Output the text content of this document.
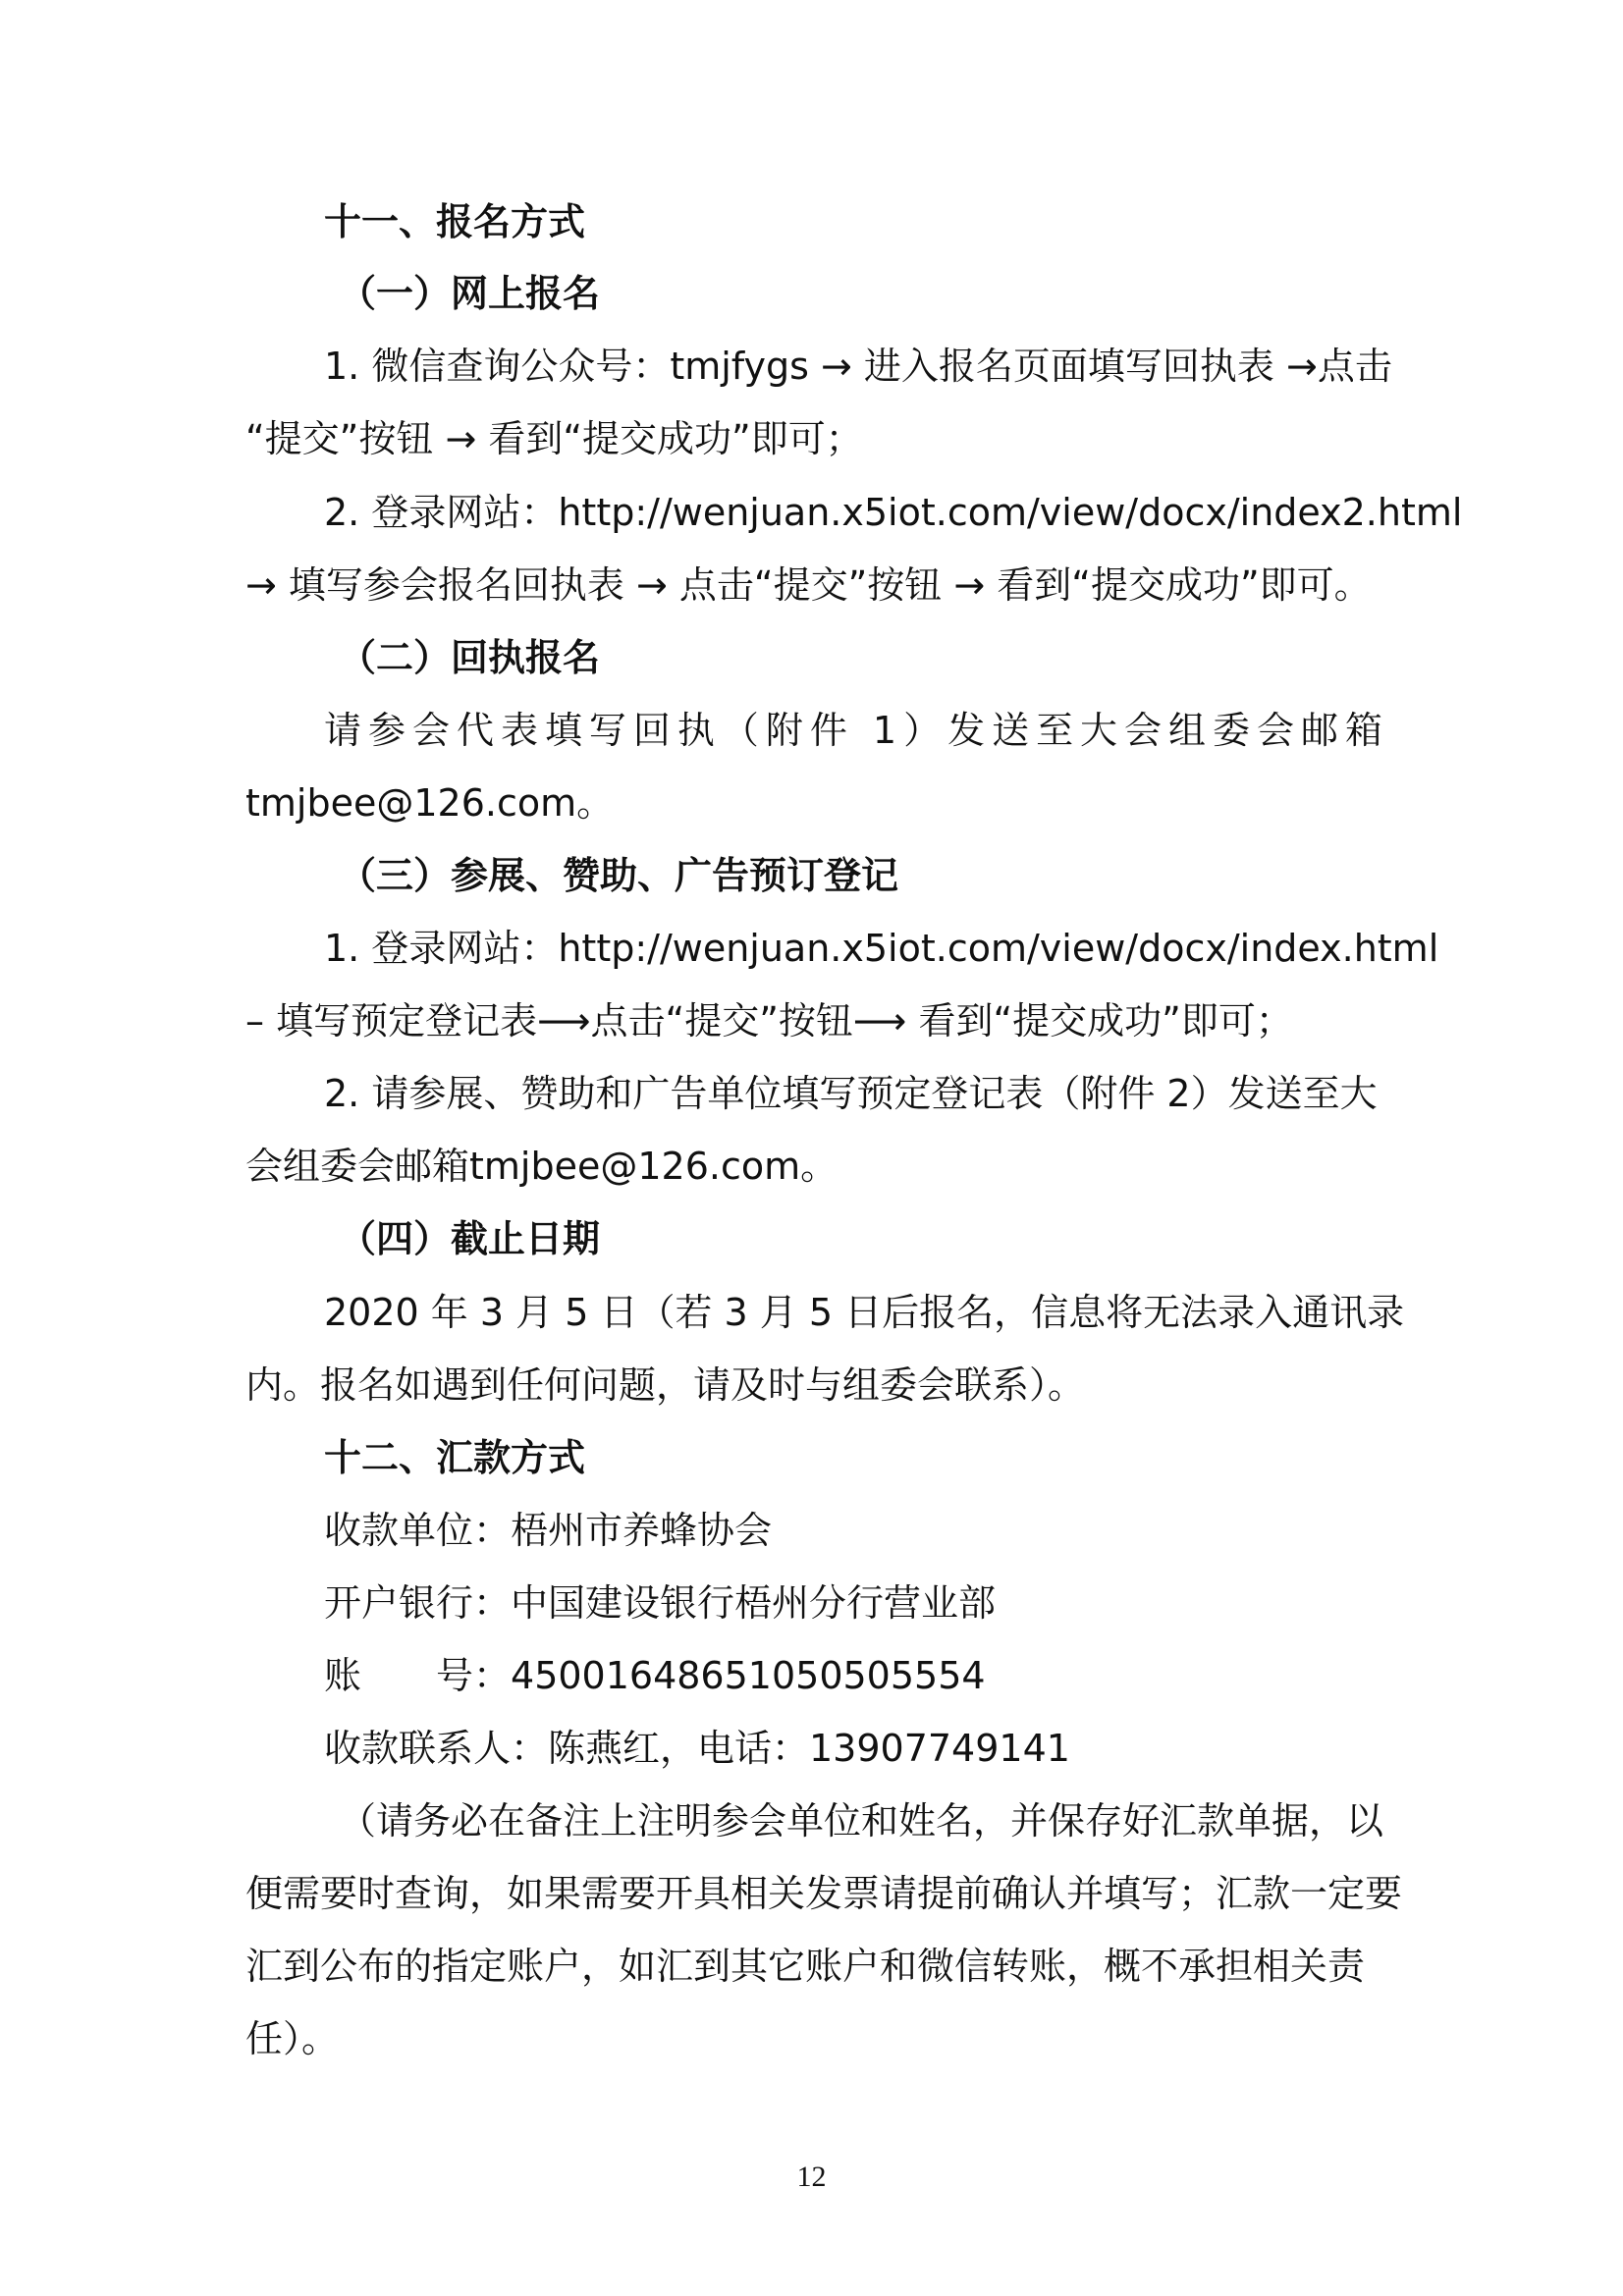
十一、报名方式
（一）网上报名
1. 微信查询公众号：tmjfygs → 进入报名页面填写回执表 →点击
“提交”按钮 → 看到“提交成功”即可；
2. 登录网站：http://wenjuan.x5iot.com/view/docx/index2.html
→ 填写参会报名回执表 → 点击“提交”按钮 → 看到“提交成功”即可。
（二）回执报名
请参会代表填写回执（附件 1）发送至大会组委会邮箱
tmjbee@126.com。
（三）参展、赞助、广告预订登记
1. 登录网站：http://wenjuan.x5iot.com/view/docx/index.html
– 填写预定登记表⟶点击“提交”按钮⟶ 看到“提交成功”即可；
2. 请参展、赞助和广告单位填写预定登记表（附件 2）发送至大
会组委会邮箱tmjbee@126.com。
（四）截止日期
2020 年 3 月 5 日（若 3 月 5 日后报名，信息将无法录入通讯录
内。报名如遇到任何问题，请及时与组委会联系）。
十二、汇款方式
收款单位：梧州市养蜂协会
开户银行：中国建设银行梧州分行营业部
账　　号：45001648651050505554
收款联系人：陈燕红，电话：13907749141
（请务必在备注上注明参会单位和姓名，并保存好汇款单据，以
便需要时查询，如果需要开具相关发票请提前确认并填写；汇款一定要
汇到公布的指定账户，如汇到其它账户和微信转账，概不承担相关责
任）。
12
